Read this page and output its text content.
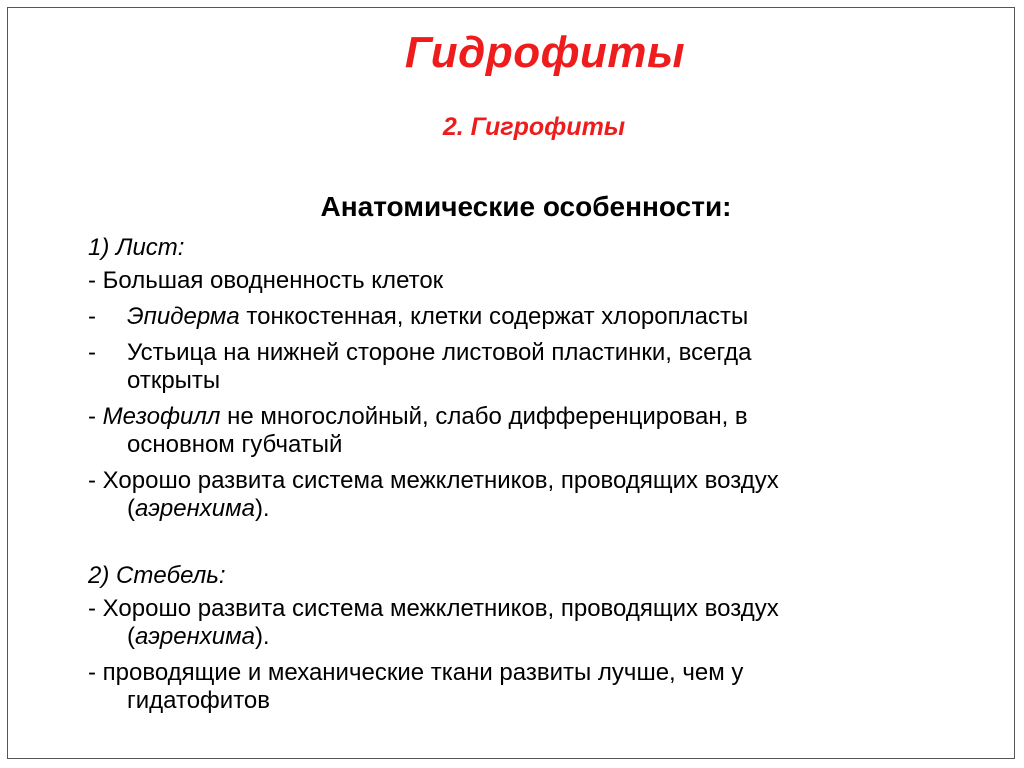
Гидрофиты
2. Гигрофиты
Анатомические особенности:
1) Лист:
- Большая оводненность клеток
- Эпидерма тонкостенная, клетки содержат хлоропласты
- Устьица на нижней стороне листовой пластинки, всегда
открыты
- Мезофилл не многослойный, слабо дифференцирован, в
основном губчатый
- Хорошо развита система межклетников, проводящих воздух
(аэренхима).
2) Стебель:
- Хорошо развита система межклетников, проводящих воздух
(аэренхима).
- проводящие и механические ткани развиты лучше, чем у
гидатофитов
